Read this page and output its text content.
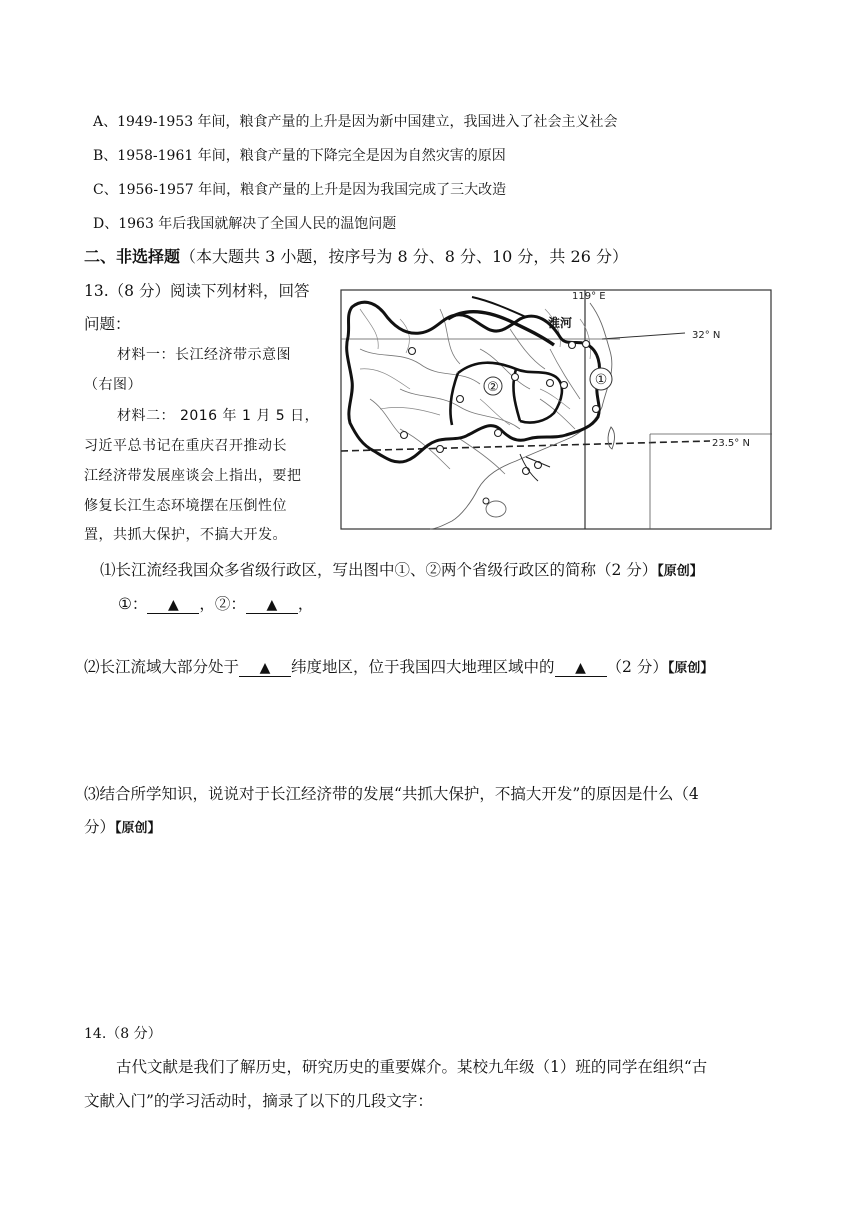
A、1949-1953 年间，粮食产量的上升是因为新中国建立，我国进入了社会主义社会
B、1958-1961 年间，粮食产量的下降完全是因为自然灾害的原因
C、1956-1957 年间，粮食产量的上升是因为我国完成了三大改造
D、1963 年后我国就解决了全国人民的温饱问题
二、非选择题（本大题共 3 小题，按序号为 8 分、8 分、10 分，共 26 分）
13.（8 分）阅读下列材料，回答
问题：
材料一：长江经济带示意图
（右图）
材料二： 2016 年 1 月 5 日，
习近平总书记在重庆召开推动长
江经济带发展座谈会上指出，要把
修复长江生态环境摆在压倒性位
置，共抓大保护，不搞大开发。
①
②
119° E
32° N
23.5° N
淮河
⑴长江流经我国众多省级行政区，写出图中①、②两个省级行政区的简称（2 分）【原创】
①： ▲ ，②： ▲ ，
⑵长江流域大部分处于 ▲ 纬度地区，位于我国四大地理区域中的 ▲ （2 分）【原创】
⑶结合所学知识，说说对于长江经济带的发展“共抓大保护，不搞大开发”的原因是什么（4
分）【原创】
14.（8 分）
古代文献是我们了解历史，研究历史的重要媒介。某校九年级（1）班的同学在组织“古
文献入门”的学习活动时，摘录了以下的几段文字：
